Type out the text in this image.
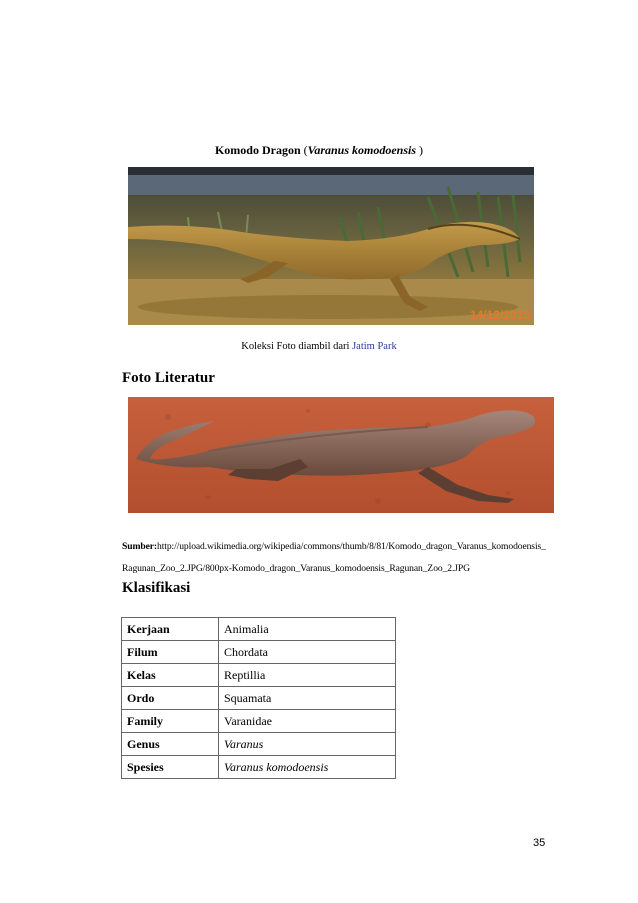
Komodo Dragon (Varanus komodoensis )
14/12/2013
Koleksi Foto diambil dari Jatim Park
Foto Literatur
Sumber:http://upload.wikimedia.org/wikipedia/commons/thumb/8/81/Komodo_dragon_Varanus_komodoensis_Ragunan_Zoo_2.JPG/800px-Komodo_dragon_Varanus_komodoensis_Ragunan_Zoo_2.JPG
Klasifikasi
Kerjaan	Animalia
Filum	Chordata
Kelas	Reptillia
Ordo	Squamata
Family	Varanidae
Genus	Varanus
Spesies	Varanus komodoensis
35
